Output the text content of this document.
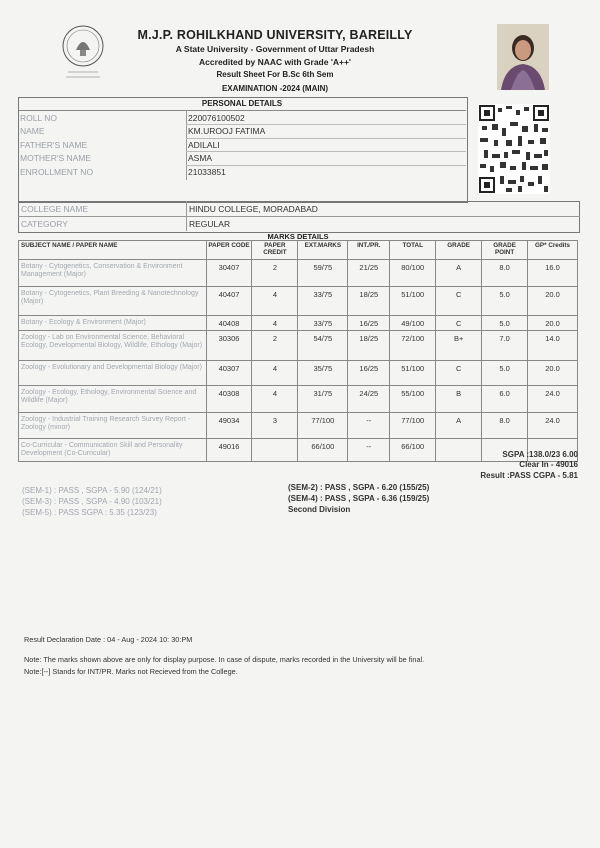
M.J.P. ROHILKHAND UNIVERSITY, BAREILLY
A State University - Government of Uttar Pradesh
Accredited by NAAC with Grade 'A++'
Result Sheet For B.Sc 6th Sem
EXAMINATION -2024 (MAIN)
PERSONAL DETAILS
ROLL NO	220076100502
NAME	KM.UROOJ FATIMA
FATHER'S NAME	ADILALI
MOTHER'S NAME	ASMA
ENROLLMENT NO	21033851
COLLEGE NAME	HINDU COLLEGE, MORADABAD
CATEGORY	REGULAR
MARKS DETAILS
SUBJECT NAME / PAPER NAME	PAPER CODE	PAPER CREDIT	EXT.MARKS	INT./PR.	TOTAL	GRADE	GRADE POINT	GP* Credits
Botany - Cytogenetics, Conservation & Environment Management (Major)	30407	2	59/75	21/25	80/100	A	8.0	16.0
Botany - Cytogenetics, Plant Breeding & Nanotechnology (Major)	40407	4	33/75	18/25	51/100	C	5.0	20.0
Botany - Ecology & Environment (Major)	40408	4	33/75	16/25	49/100	C	5.0	20.0
Zoology - Lab on Environmental Science, Behavioral Ecology, Developmental Biology, Wildlife, Ethology (Major)	30306	2	54/75	18/25	72/100	B+	7.0	14.0
Zoology - Evolutionary and Developmental Biology (Major)	40307	4	35/75	16/25	51/100	C	5.0	20.0
Zoology - Ecology, Ethology, Environmental Science and Wildlife (Major)	40308	4	31/75	24/25	55/100	B	6.0	24.0
Zoology - Industrial Training Research Survey Report - Zoology (minor)	49034	3	77/100	--	77/100	A	8.0	24.0
Co-Curricular - Communication Skill and Personality Development (Co-Curricular)	49016		66/100	--	66/100			
SGPA :138.0/23 6.00
Clear In - 49016
Result :PASS CGPA - 5.81
(SEM-1) : PASS , SGPA - 5.90 (124/21)
(SEM-3) : PASS , SGPA - 4.90 (103/21)
(SEM-5) : PASS SGPA : 5.35 (123/23)
(SEM-2) : PASS , SGPA - 6.20 (155/25)
(SEM-4) : PASS , SGPA - 6.36 (159/25)
Second Division
Result Declaration Date : 04 - Aug - 2024 10: 30:PM
Note: The marks shown above are only for display purpose. In case of dispute, marks recorded in the University will be final.
Note:[--] Stands for INT/PR. Marks not Recieved from the College.
